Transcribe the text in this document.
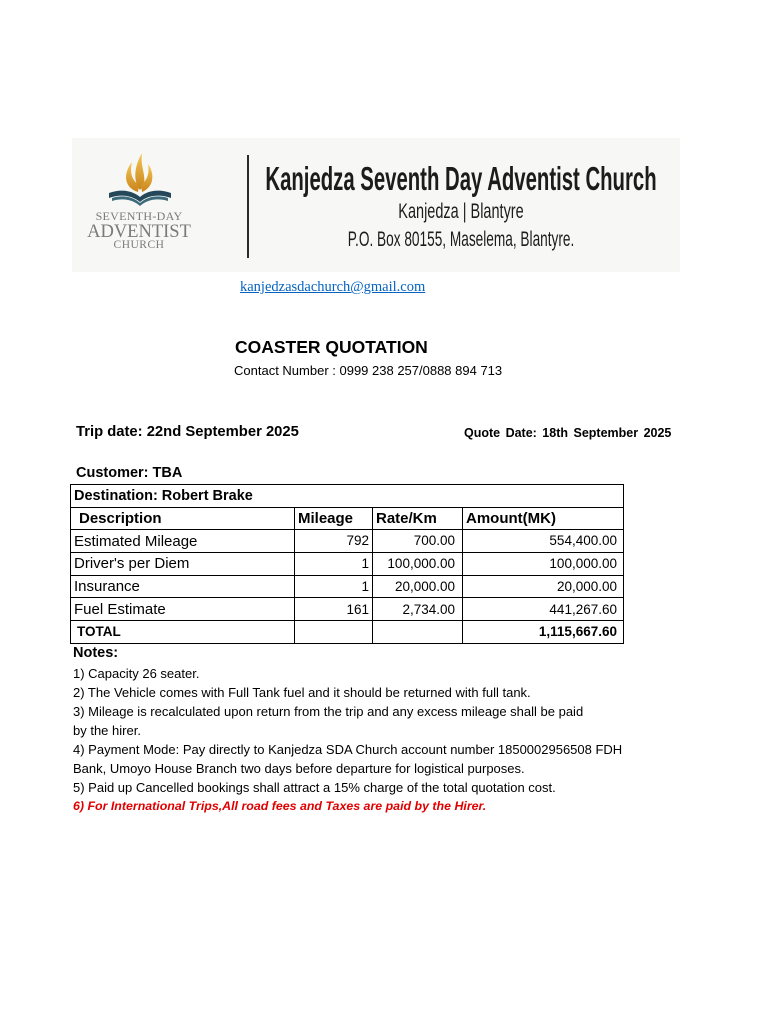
SEVENTH-DAY
ADVENTIST
CHURCH
Kanjedza Seventh Day Adventist Church
Kanjedza | Blantyre
P.O. Box 80155, Maselema, Blantyre.
kanjedzasdachurch@gmail.com
COASTER QUOTATION
Contact Number : 0999 238 257/0888 894 713
Trip date: 22nd September 2025	Quote Date: 18th September 2025
Customer: TBA
Destination: Robert Brake			
Description	Mileage	Rate/Km	Amount(MK)
Estimated Mileage	792	700.00	554,400.00
Driver's per Diem	1	100,000.00	100,000.00
Insurance	1	20,000.00	20,000.00
Fuel Estimate	161	2,734.00	441,267.60
TOTAL			1,115,667.60
Notes:
1) Capacity 26 seater.
2) The Vehicle comes with Full Tank fuel and it should be returned with full tank.
3) Mileage is recalculated upon return from the trip and any excess mileage shall be paid
by the hirer.
4) Payment Mode: Pay directly to Kanjedza SDA Church account number 1850002956508 FDH
Bank, Umoyo House Branch two days before departure for logistical purposes.
5) Paid up Cancelled bookings shall attract a 15% charge of the total quotation cost.
6) For International Trips,All road fees and Taxes are paid by the Hirer.
